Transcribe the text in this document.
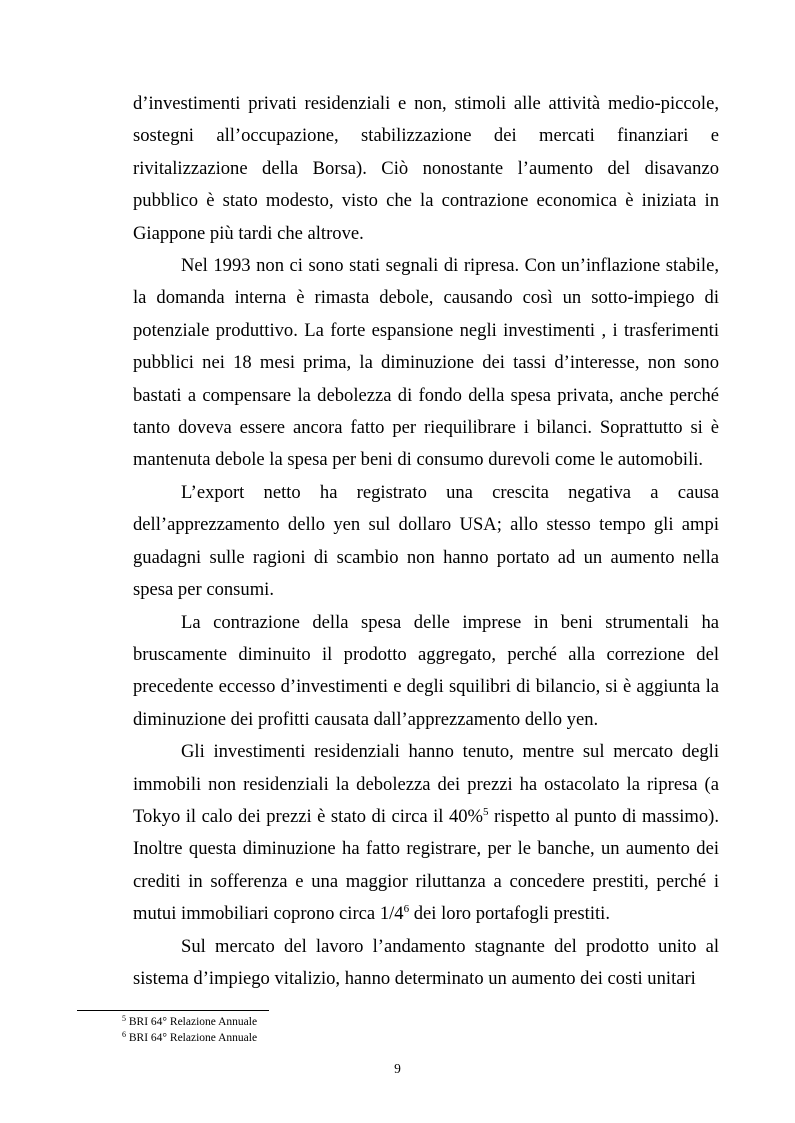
d’investimenti privati residenziali e non, stimoli alle attività medio-piccole, sostegni all’occupazione, stabilizzazione dei mercati finanziari e rivitalizzazione della Borsa). Ciò nonostante l’aumento del disavanzo pubblico è stato modesto, visto che la contrazione economica è iniziata in Giappone più tardi che altrove.

Nel 1993 non ci sono stati segnali di ripresa. Con un’inflazione stabile, la domanda interna è rimasta debole, causando così un sotto-impiego di potenziale produttivo. La forte espansione negli investimenti , i trasferimenti pubblici nei 18 mesi prima, la diminuzione dei tassi d’interesse, non sono bastati a compensare la debolezza di fondo della spesa privata, anche perché tanto doveva essere ancora fatto per riequilibrare i bilanci. Soprattutto si è mantenuta debole la spesa per beni di consumo durevoli come le automobili.

L’export netto ha registrato una crescita negativa a causa dell’apprezzamento dello yen sul dollaro USA; allo stesso tempo gli ampi guadagni sulle ragioni di scambio non hanno portato ad un aumento nella spesa per consumi.

La contrazione della spesa delle imprese in beni strumentali ha bruscamente diminuito il prodotto aggregato, perché alla correzione del precedente eccesso d’investimenti e degli squilibri di bilancio, si è aggiunta la diminuzione dei profitti causata dall’apprezzamento dello yen.

Gli investimenti residenziali hanno tenuto, mentre sul mercato degli immobili non residenziali la debolezza dei prezzi ha ostacolato la ripresa (a Tokyo il calo dei prezzi è stato di circa il 40%$^5$ rispetto al punto di massimo). Inoltre questa diminuzione ha fatto registrare, per le banche, un aumento dei crediti in sofferenza e una maggior riluttanza a concedere prestiti, perché i mutui immobiliari coprono circa $1/4^6$ dei loro portafogli prestiti.

Sul mercato del lavoro l’andamento stagnante del prodotto unito al sistema d’impiego vitalizio, hanno determinato un aumento dei costi unitari

$^5$ BRI 64° Relazione Annuale
$^6$ BRI 64° Relazione Annuale
9
